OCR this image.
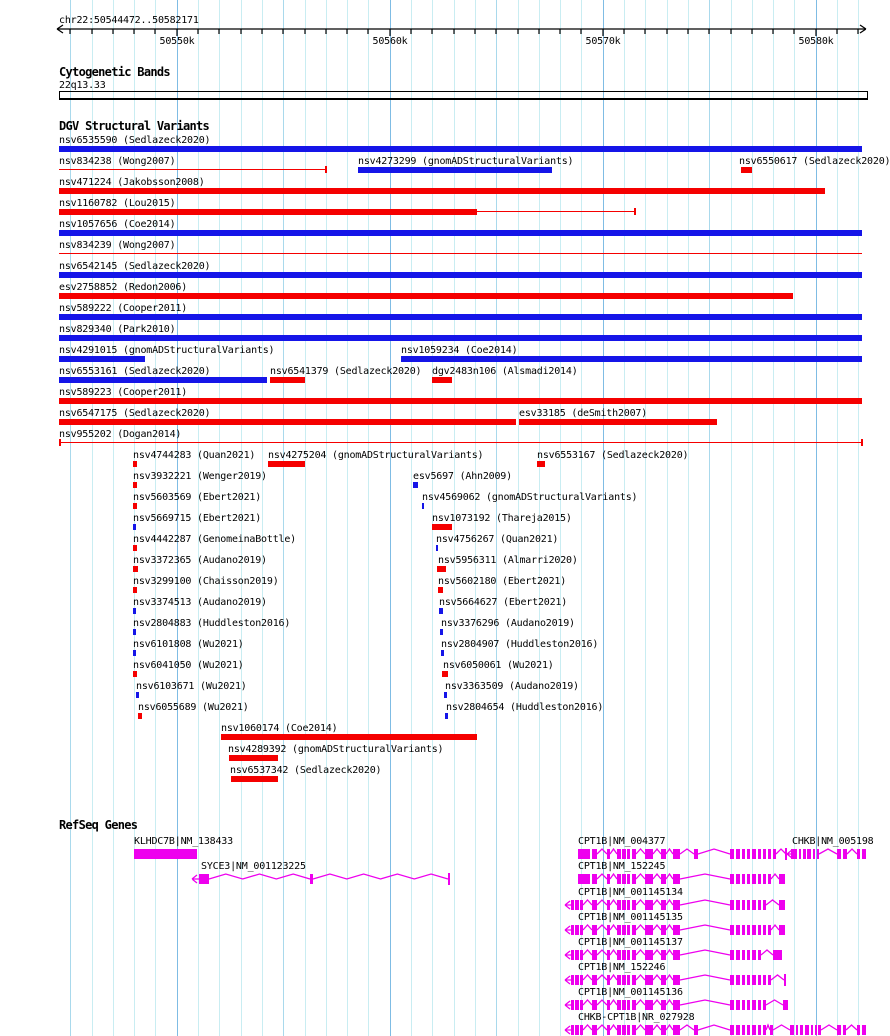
chr22:50544472..50582171
50550k	50560k	50570k	50580k
Cytogenetic Bands
22q13.33
DGV Structural Variants
nsv6535590 (Sedlazeck2020)
nsv834238 (Wong2007)	nsv4273299 (gnomADStructuralVariants)	nsv6550617 (Sedlazeck2020)
nsv471224 (Jakobsson2008)
nsv1160782 (Lou2015)
nsv1057656 (Coe2014)
nsv834239 (Wong2007)
nsv6542145 (Sedlazeck2020)
esv2758852 (Redon2006)
nsv589222 (Cooper2011)
nsv829340 (Park2010)
nsv4291015 (gnomADStructuralVariants)	nsv1059234 (Coe2014)
nsv6553161 (Sedlazeck2020)	nsv6541379 (Sedlazeck2020) dgv2483n106 (Alsmadi2014)
nsv589223 (Cooper2011)
nsv6547175 (Sedlazeck2020)	esv33185 (deSmith2007)
nsv955202 (Dogan2014)
nsv4744283 (Quan2021) nsv4275204 (gnomADStructuralVariants)	nsv6553167 (Sedlazeck2020)
nsv3932221 (Wenger2019)	esv5697 (Ahn2009)
nsv5603569 (Ebert2021)	nsv4569062 (gnomADStructuralVariants)
nsv5669715 (Ebert2021)	nsv1073192 (Thareja2015)
nsv4442287 (GenomeinaBottle)	nsv4756267 (Quan2021)
nsv3372365 (Audano2019)	nsv5956311 (Almarri2020)
nsv3299100 (Chaisson2019)	nsv5602180 (Ebert2021)
nsv3374513 (Audano2019)	nsv5664627 (Ebert2021)
nsv2804883 (Huddleston2016)	nsv3376296 (Audano2019)
nsv6101808 (Wu2021)	nsv2804907 (Huddleston2016)
nsv6041050 (Wu2021)	nsv6050061 (Wu2021)
nsv6103671 (Wu2021)	nsv3363509 (Audano2019)
nsv6055689 (Wu2021)	nsv2804654 (Huddleston2016)
nsv1060174 (Coe2014)
nsv4289392 (gnomADStructuralVariants)
nsv6537342 (Sedlazeck2020)
RefSeq Genes
KLHDC7B|NM_138433
SYCE3|NM_001123225
CPT1B|NM_004377	CHKB|NM_005198
CPT1B|NM_152245
CPT1B|NM_001145134
CPT1B|NM_001145135
CPT1B|NM_001145137
CPT1B|NM_152246
CPT1B|NM_001145136
CHKB-CPT1B|NR_027928
